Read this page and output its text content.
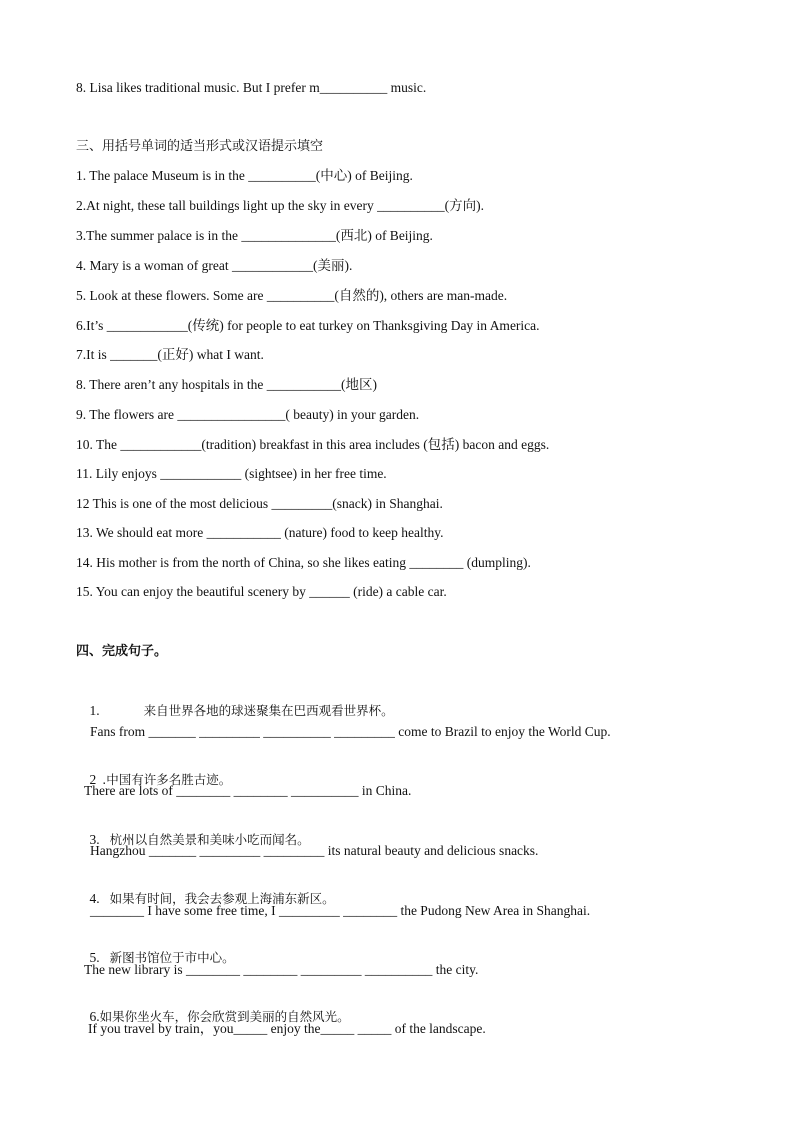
8. Lisa likes traditional music. But I prefer m__________ music.
三、用括号单词的适当形式或汉语提示填空
1. The palace Museum is in the __________(中心) of Beijing.
2.At night, these tall buildings light up the sky in every __________(方向).
3.The summer palace is in the ______________(西北) of Beijing.
4. Mary is a woman of great ____________(美丽).
5. Look at these flowers. Some are __________(自然的), others are man-made.
6.It’s ____________(传统) for people to eat turkey on Thanksgiving Day in America.
7.It is _______(正好) what I want.
8. There aren’t any hospitals in the ___________(地区)
9. The flowers are ________________( beauty) in your garden.
10. The ____________(tradition) breakfast in this area includes (包括) bacon and eggs.
11. Lily enjoys ____________ (sightsee) in her free time.
12 This is one of the most delicious _________(snack) in Shanghai.
13. We should eat more ___________ (nature) food to keep healthy.
14. His mother is from the north of China, so she likes eating ________ (dumpling).
15. You can enjoy the beautiful scenery by ______ (ride) a cable car.
四、完成句子。

1.	来自世界各地的球迷聚集在巴西观看世界杯。

Fans from _______ _________ __________ _________ come to Brazil to enjoy the World Cup.

2 .中国有许多名胜古迹。

There are lots of ________ ________ __________ in China.

3. 杭州以自然美景和美味小吃而闻名。

Hangzhou _______ _________ _________ its natural beauty and delicious snacks.

4. 如果有时间，我会去参观上海浦东新区。

________ I have some free time, I _________ ________ the Pudong New Area in Shanghai.

5. 新图书馆位于市中心。

The new library is ________ ________ _________ __________ the city.

6.如果你坐火车，你会欣赏到美丽的自然风光。

If you travel by train，you_____ enjoy the_____ _____ of the landscape.
